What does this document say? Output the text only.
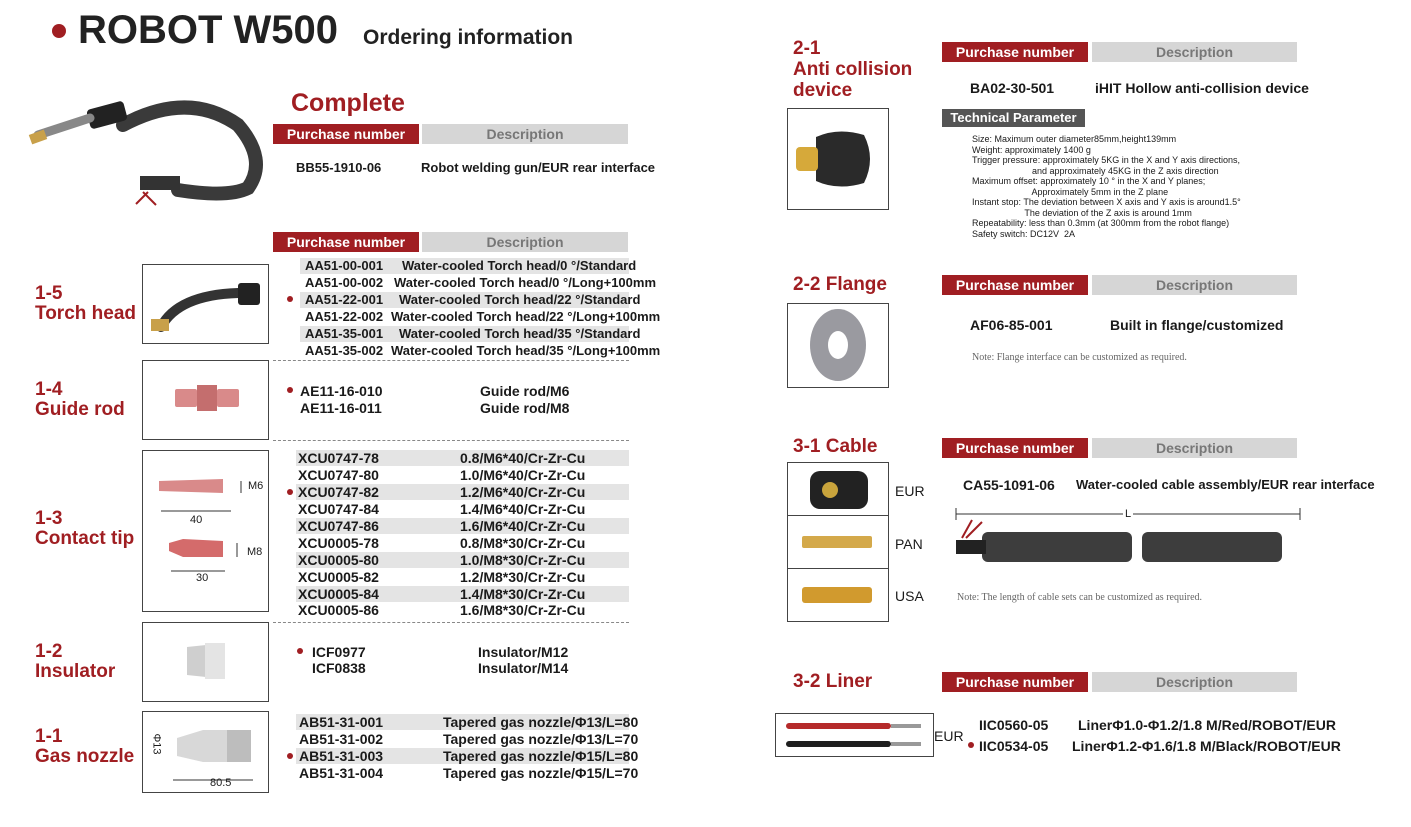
ROBOT W500 Ordering information
Complete
Purchase number	Description
BB55-1910-06	Robot welding gun/EUR rear interface
Purchase number	Description
1-5
Torch head
AA51-00-001 Water-cooled Torch head/0 °/Standard
AA51-00-002 Water-cooled Torch head/0 °/Long+100mm
AA51-22-001 Water-cooled Torch head/22 °/Standard
AA51-22-002 Water-cooled Torch head/22 °/Long+100mm
AA51-35-001 Water-cooled Torch head/35 °/Standard
AA51-35-002 Water-cooled Torch head/35 °/Long+100mm
1-4
Guide rod
AE11-16-010	Guide rod/M6
AE11-16-011	Guide rod/M8
1-3
Contact tip
M6
M8
40
30
XCU0747-78	0.8/M6*40/Cr-Zr-Cu
XCU0747-80	1.0/M6*40/Cr-Zr-Cu
XCU0747-82	1.2/M6*40/Cr-Zr-Cu
XCU0747-84	1.4/M6*40/Cr-Zr-Cu
XCU0747-86	1.6/M6*40/Cr-Zr-Cu
XCU0005-78	0.8/M8*30/Cr-Zr-Cu
XCU0005-80	1.0/M8*30/Cr-Zr-Cu
XCU0005-82	1.2/M8*30/Cr-Zr-Cu
XCU0005-84	1.4/M8*30/Cr-Zr-Cu
XCU0005-86	1.6/M8*30/Cr-Zr-Cu
1-2
Insulator
ICF0977	Insulator/M12
ICF0838	Insulator/M14
1-1
Gas nozzle
Φ13
80.5
AB51-31-001	Tapered gas nozzle/Φ13/L=80
AB51-31-002	Tapered gas nozzle/Φ13/L=70
AB51-31-003	Tapered gas nozzle/Φ15/L=80
AB51-31-004	Tapered gas nozzle/Φ15/L=70
2-1
Anti collision
device
Purchase number	Description
BA02-30-501	iHIT Hollow anti-collision device
Technical Parameter
Size: Maximum outer diameter85mm,height139mm
Weight: approximately 1400 g
Trigger pressure: approximately 5KG in the X and Y axis directions,
and approximately 45KG in the Z axis direction
Maximum offset: approximately 10 ° in the X and Y planes;
Approximately 5mm in the Z plane
Instant stop: The deviation between X axis and Y axis is around1.5°
The deviation of the Z axis is around 1mm
Repeatability: less than 0.3mm (at 300mm from the robot flange)
Safety switch: DC12V  2A
2-2 Flange	Purchase number	Description
AF06-85-001	Built in flange/customized
Note: Flange interface can be customized as required.
3-1 Cable	Purchase number	Description
EUR
PAN
USA
CA55-1091-06 Water-cooled cable assembly/EUR rear interface
L
Note: The length of cable sets can be customized as required.
3-2 Liner	Purchase number	Description
EUR
IIC0560-05 LinerΦ1.0-Φ1.2/1.8 M/Red/ROBOT/EUR
IIC0534-05 LinerΦ1.2-Φ1.6/1.8 M/Black/ROBOT/EUR
